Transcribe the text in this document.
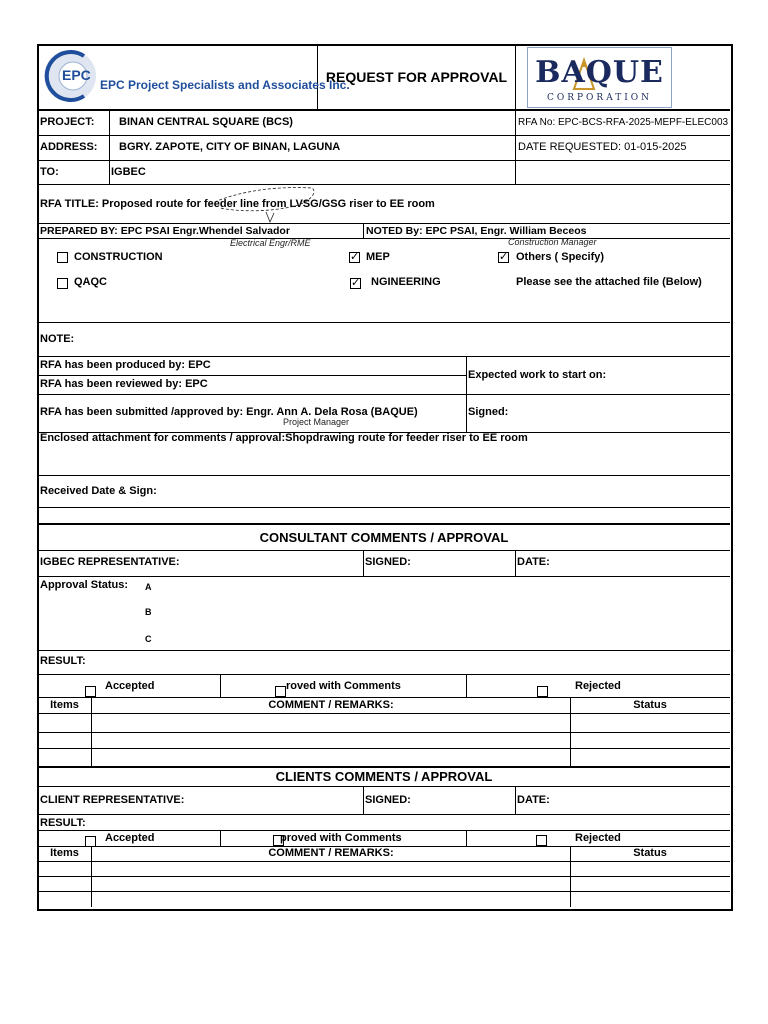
EPC
EPC Project Specialists and Associates Inc.
REQUEST FOR APPROVAL BAQUE
CORPORATION
PROJECT: BINAN CENTRAL SQUARE (BCS)	RFA No: EPC-BCS-RFA-2025-MEPF-ELEC003
ADDRESS: BGRY. ZAPOTE, CITY OF BINAN, LAGUNA	DATE REQUESTED: 01-015-2025
TO:	IGBEC
RFA TITLE: Proposed route for feeder line from LVSG/GSG riser to EE room
PREPARED BY: EPC PSAI Engr.Whendel Salvador
Electrical Engr/RME
NOTED By: EPC PSAI, Engr. William Beceos
Construction Manager
CONSTRUCTION ✓	MEP ✓	Others ( Specify)
QAQC ✓	NGINEERING	Please see the attached file (Below)
NOTE:
RFA has been produced by: EPC
RFA has been reviewed by: EPC
Expected work to start on:
RFA has been submitted /approved by: Engr. Ann A. Dela Rosa (BAQUE)
Project Manager
Signed:
Enclosed attachment for comments / approval:Shopdrawing route for feeder riser to EE room
Received Date & Sign:
CONSULTANT COMMENTS / APPROVAL
IGBEC REPRESENTATIVE:	SIGNED:	DATE:
Approval Status: A
B
C
RESULT:
Accepted	roved with Comments	Rejected
Items	COMMENT / REMARKS:	Status
CLIENTS COMMENTS / APPROVAL
CLIENT REPRESENTATIVE:	SIGNED:	DATE:
RESULT:
Accepted	proved with Comments	Rejected
Items	COMMENT / REMARKS:	Status
